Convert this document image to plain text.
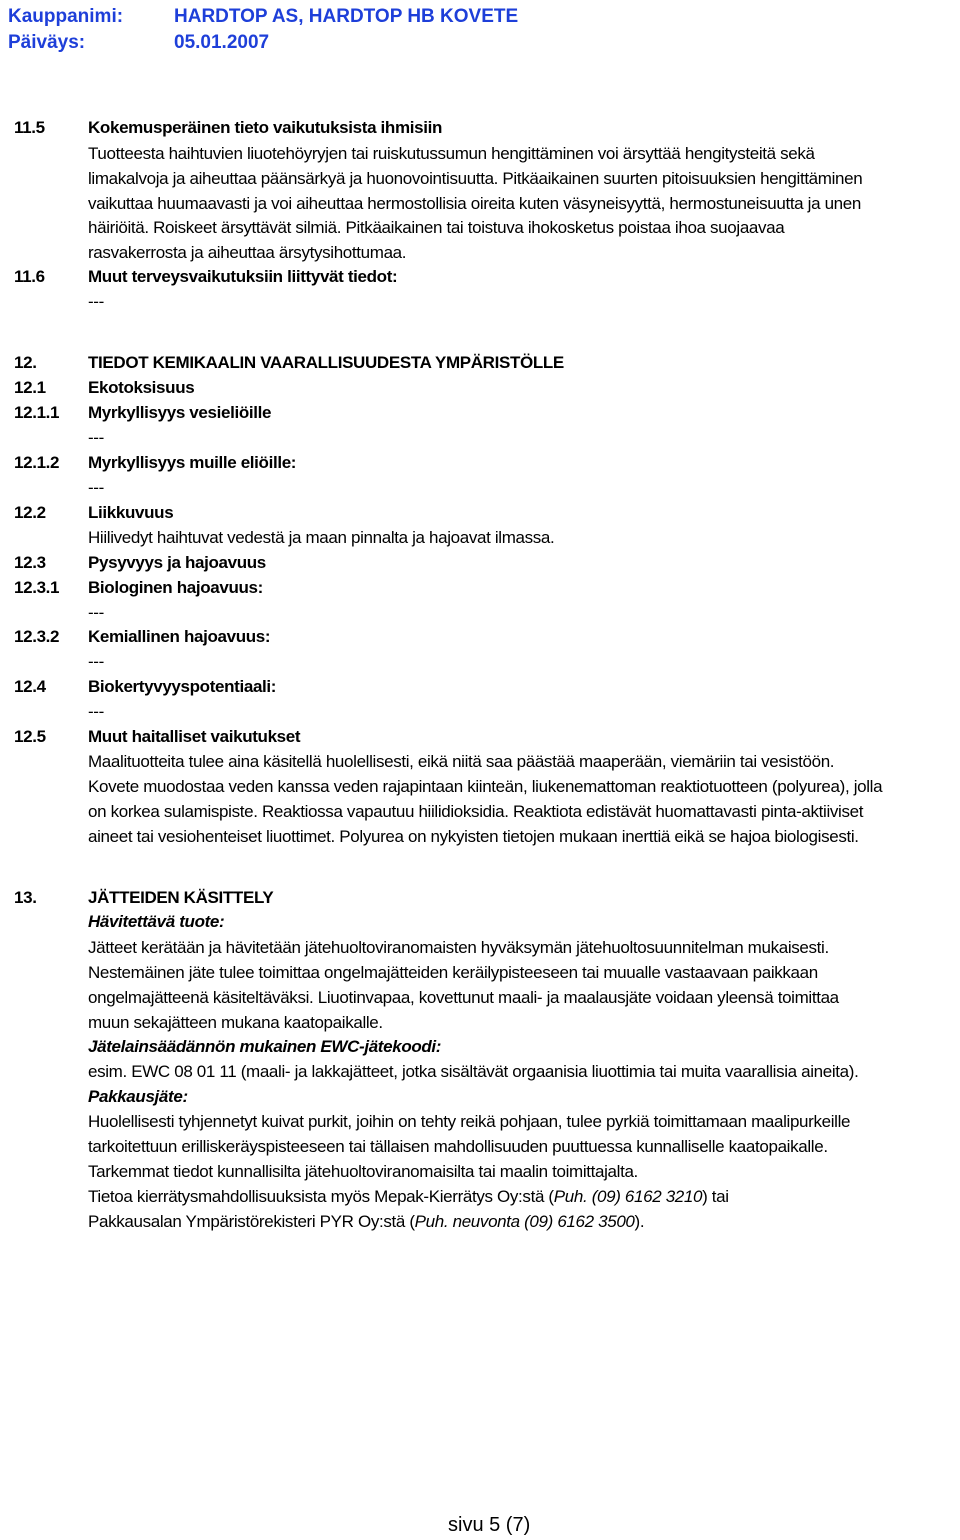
Kauppanimi:	HARDTOP AS, HARDTOP HB KOVETE
Päiväys:	05.01.2007
11.5	Kokemusperäinen tieto vaikutuksista ihmisiin
Tuotteesta haihtuvien liuotehöyryjen tai ruiskutussumun hengittäminen voi ärsyttää hengitysteitä sekä
limakalvoja ja aiheuttaa päänsärkyä ja huonovointisuutta. Pitkäaikainen suurten pitoisuuksien hengittäminen
vaikuttaa huumaavasti ja voi aiheuttaa hermostollisia oireita kuten väsyneisyyttä, hermostuneisuutta ja unen
häiriöitä. Roiskeet ärsyttävät silmiä. Pitkäaikainen tai toistuva ihokosketus poistaa ihoa suojaavaa
rasvakerrosta ja aiheuttaa ärsytysihottumaa.
11.6	Muut terveysvaikutuksiin liittyvät tiedot:
---
12.	TIEDOT KEMIKAALIN VAARALLISUUDESTA YMPÄRISTÖLLE
12.1 Ekotoksisuus
12.1.1 Myrkyllisyys vesieliöille
---
12.1.2 Myrkyllisyys muille eliöille:
---
12.2 Liikkuvuus
Hiilivedyt haihtuvat vedestä ja maan pinnalta ja hajoavat ilmassa.
12.3 Pysyvyys ja hajoavuus
12.3.1 Biologinen hajoavuus:
---
12.3.2 Kemiallinen hajoavuus:
---
12.4 Biokertyvyyspotentiaali:
---
12.5 Muut haitalliset vaikutukset
Maalituotteita tulee aina käsitellä huolellisesti, eikä niitä saa päästää maaperään, viemäriin tai vesistöön.
Kovete muodostaa veden kanssa veden rajapintaan kiinteän, liukenemattoman reaktiotuotteen (polyurea), jolla
on korkea sulamispiste. Reaktiossa vapautuu hiilidioksidia. Reaktiota edistävät huomattavasti pinta-aktiiviset
aineet tai vesiohenteiset liuottimet. Polyurea on nykyisten tietojen mukaan inerttiä eikä se hajoa biologisesti.
13.	JÄTTEIDEN KÄSITTELY
Hävitettävä tuote:
Jätteet kerätään ja hävitetään jätehuoltoviranomaisten hyväksymän jätehuoltosuunnitelman mukaisesti.
Nestemäinen jäte tulee toimittaa ongelmajätteiden keräilypisteeseen tai muualle vastaavaan paikkaan
ongelmajätteenä käsiteltäväksi. Liuotinvapaa, kovettunut maali- ja maalausjäte voidaan yleensä toimittaa
muun sekajätteen mukana kaatopaikalle.
Jätelainsäädännön mukainen EWC-jätekoodi:
esim. EWC 08 01 11 (maali- ja lakkajätteet, jotka sisältävät orgaanisia liuottimia tai muita vaarallisia aineita).
Pakkausjäte:
Huolellisesti tyhjennetyt kuivat purkit, joihin on tehty reikä pohjaan, tulee pyrkiä toimittamaan maalipurkeille
tarkoitettuun erilliskeräyspisteeseen tai tällaisen mahdollisuuden puuttuessa kunnalliselle kaatopaikalle.
Tarkemmat tiedot kunnallisilta jätehuoltoviranomaisilta tai maalin toimittajalta.
Tietoa kierrätysmahdollisuuksista myös Mepak-Kierrätys Oy:stä (Puh. (09) 6162 3210) tai
Pakkausalan Ympäristörekisteri PYR Oy:stä (Puh. neuvonta (09) 6162 3500).
sivu 5 (7)
